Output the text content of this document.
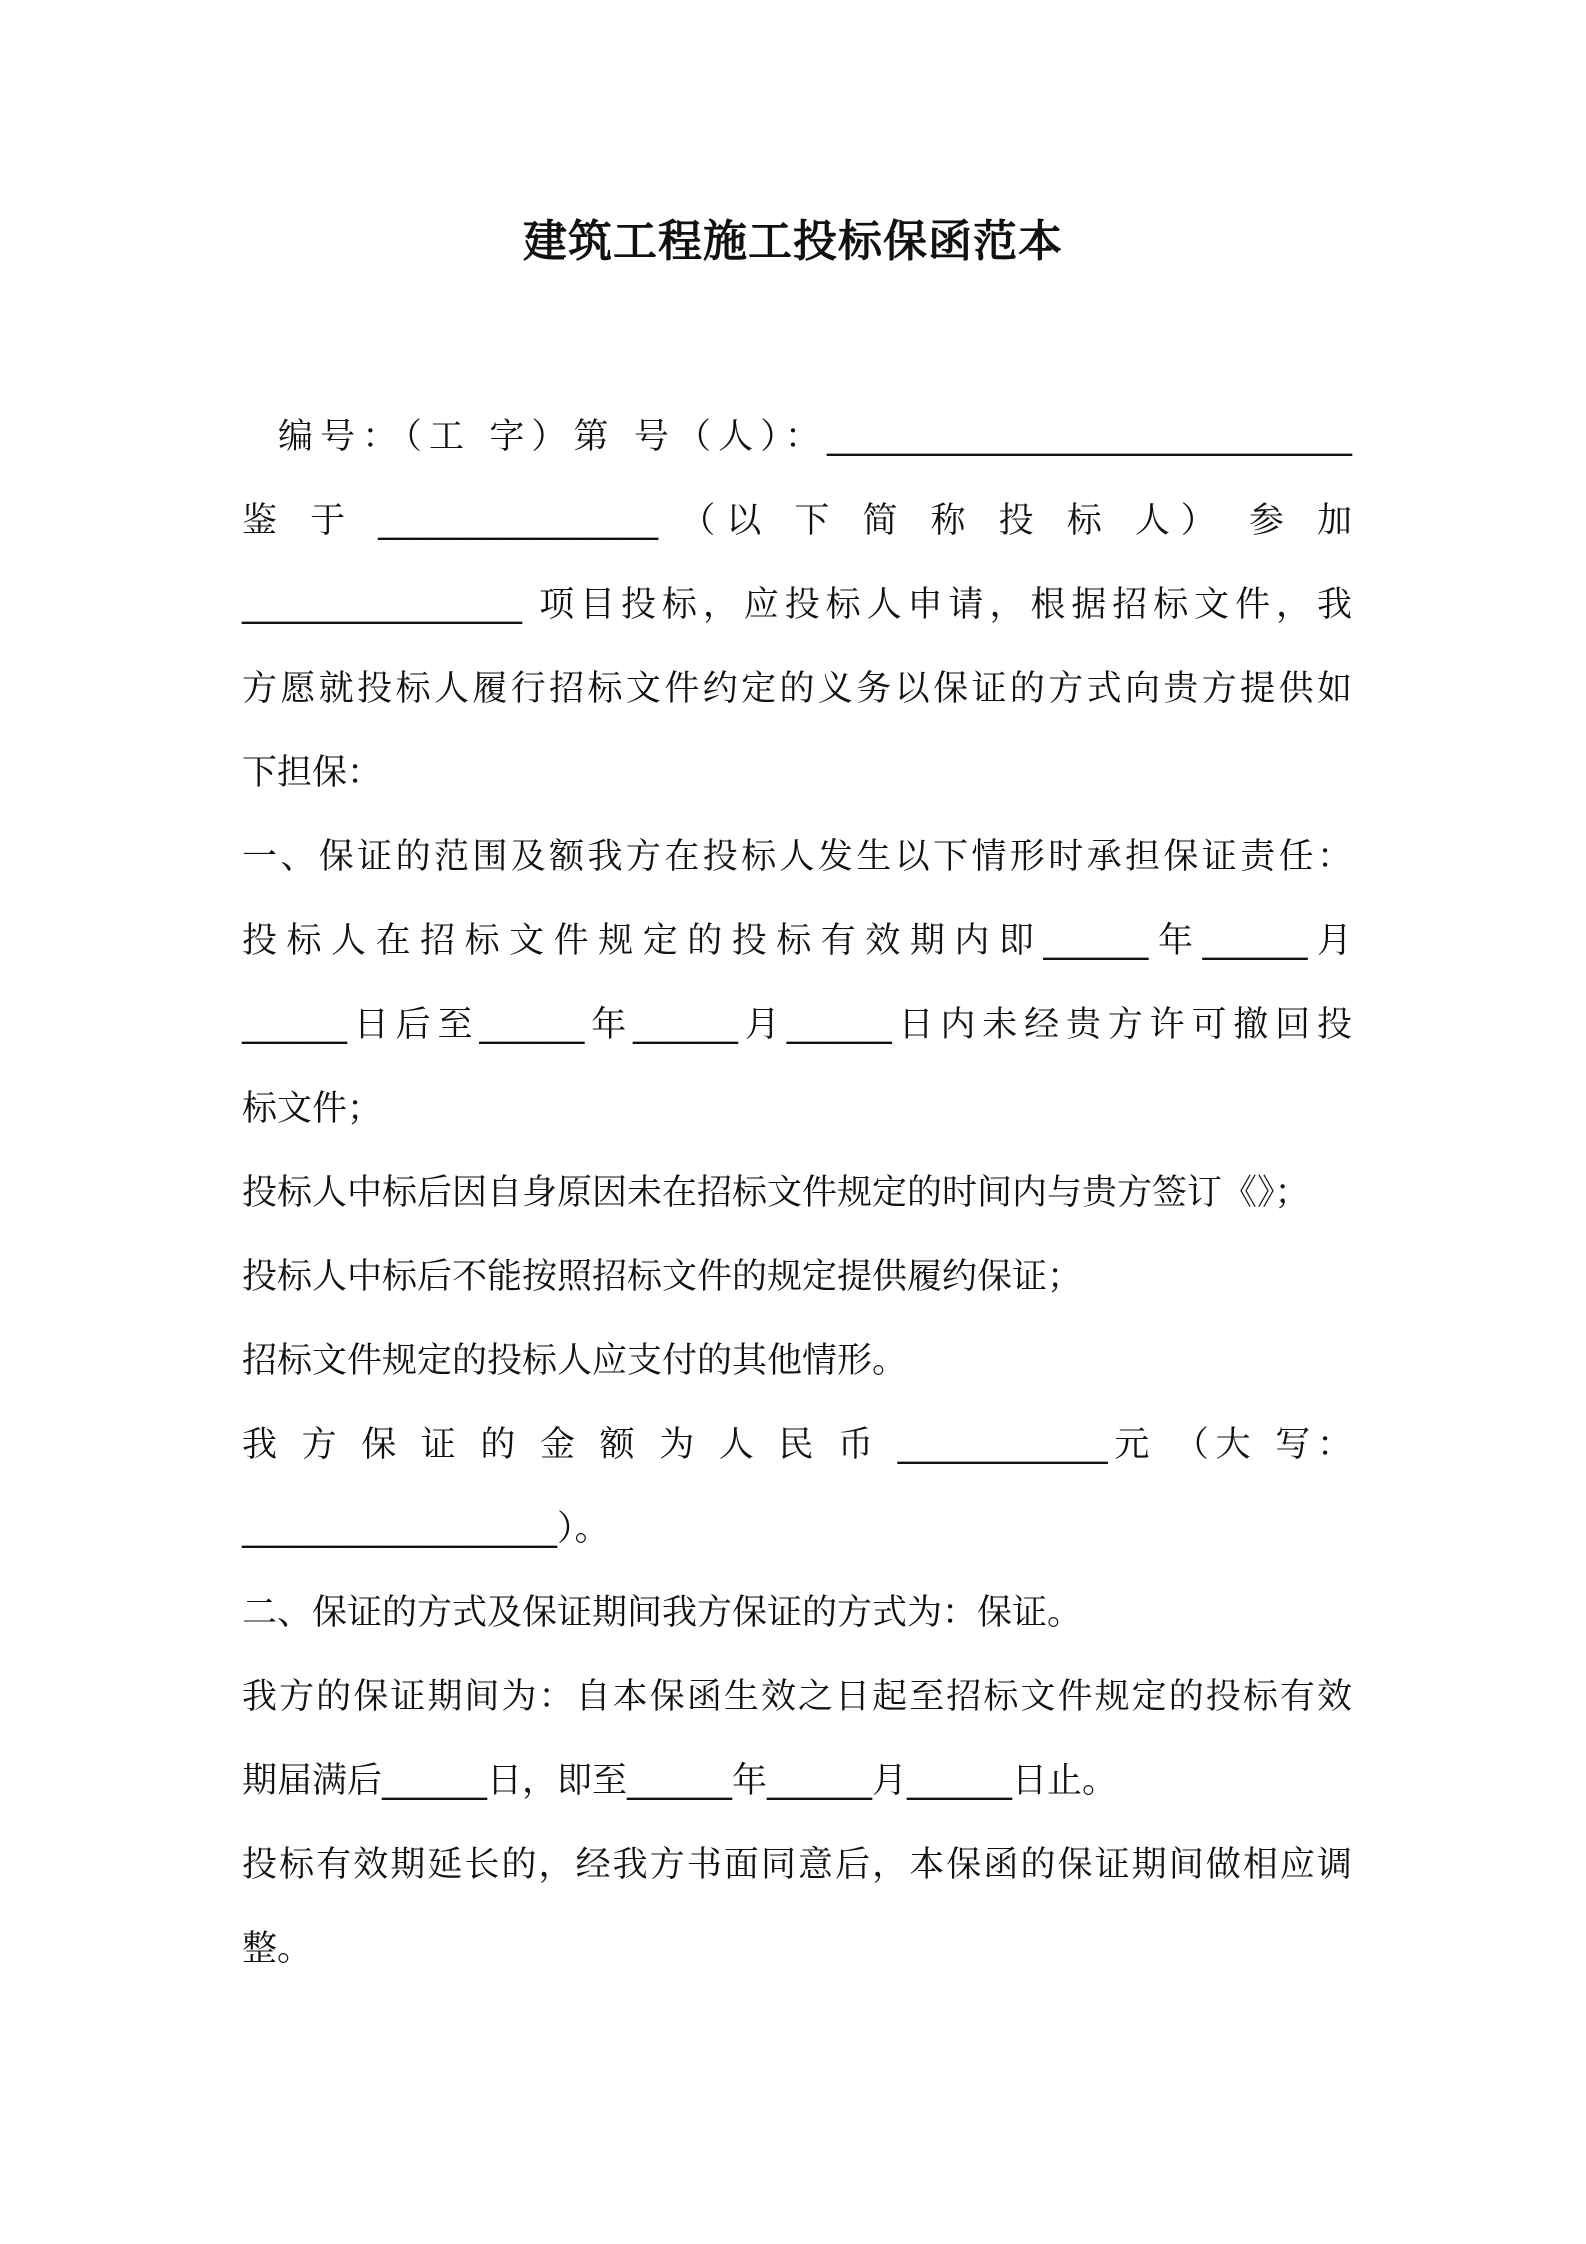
建筑工程施工投标保函范本
编号：（工 字）第 号（人）：______________________________
鉴 于 ________________ （以 下 简 称 投 标 人） 参 加
________________ 项目投标，应投标人申请，根据招标文件，我
方愿就投标人履行招标文件约定的义务以保证的方式向贵方提供如
下担保：
一、保证的范围及额我方在投标人发生以下情形时承担保证责任：
投标人在招标文件规定的投标有效期内即______年______月
______日后至______年______月______日内未经贵方许可撤回投
标文件；
投标人中标后因自身原因未在招标文件规定的时间内与贵方签订《》；
投标人中标后不能按照招标文件的规定提供履约保证；
招标文件规定的投标人应支付的其他情形。
我 方 保 证 的 金 额 为 人 民 币 ____________元 （大 写：
__________________）。
二、保证的方式及保证期间我方保证的方式为：保证。
我方的保证期间为：自本保函生效之日起至招标文件规定的投标有效
期届满后______日，即至______年______月______日止。
投标有效期延长的，经我方书面同意后，本保函的保证期间做相应调
整。
